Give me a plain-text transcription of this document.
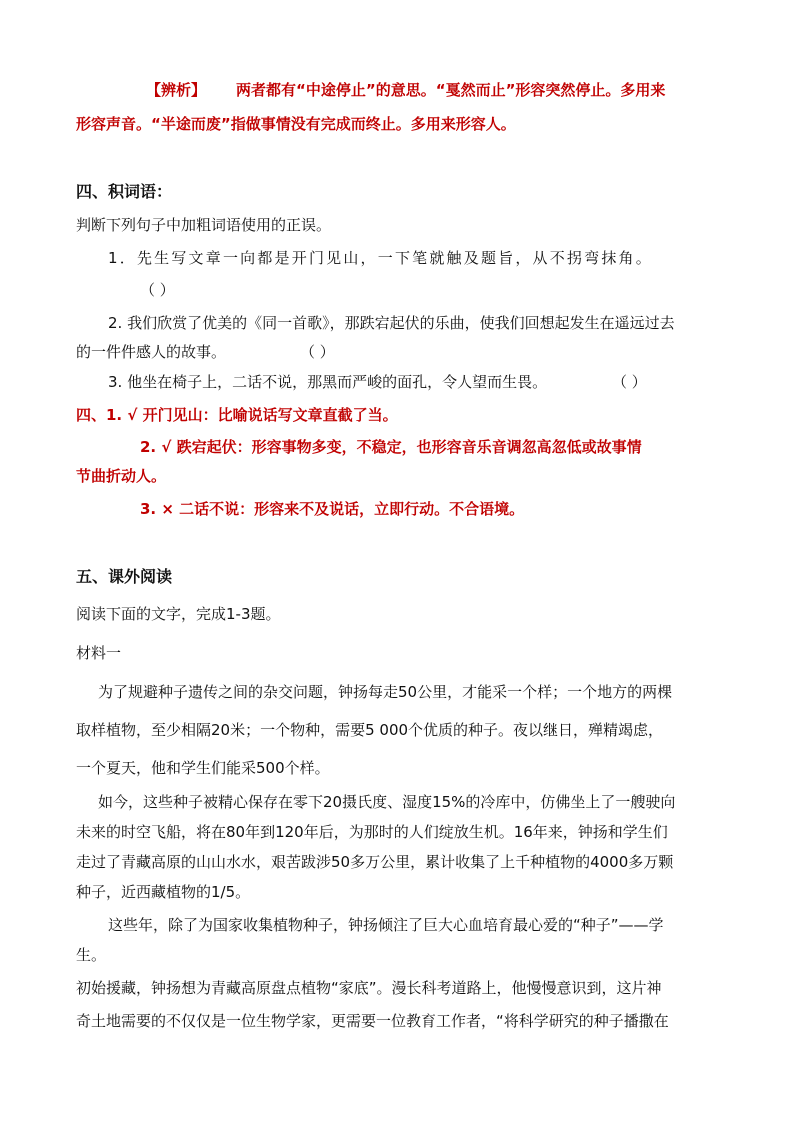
【辨析】 两者都有“中途停止”的意思。“戛然而止”形容突然停止。多用来
形容声音。“半途而废”指做事情没有完成而终止。多用来形容人。
四、积词语：
判断下列句子中加粗词语使用的正误。
1．先生写文章一向都是开门见山，一下笔就触及题旨，从不拐弯抹角。
（ ）
2. 我们欣赏了优美的《同一首歌》，那跌宕起伏的乐曲，使我们回想起发生在遥远过去
的一件件感人的故事。	（ ）
3. 他坐在椅子上，二话不说，那黑而严峻的面孔，令人望而生畏。	（ ）
四、1. √ 开门见山：比喻说话写文章直截了当。
2. √ 跌宕起伏：形容事物多变，不稳定，也形容音乐音调忽高忽低或故事情
节曲折动人。
3. × 二话不说：形容来不及说话，立即行动。不合语境。
五、课外阅读
阅读下面的文字，完成1-3题。
材料一
为了规避种子遗传之间的杂交问题，钟扬每走50公里，才能采一个样；一个地方的两棵
取样植物，至少相隔20米；一个物种，需要5 000个优质的种子。夜以继日，殚精竭虑，
一个夏天，他和学生们能采500个样。
如今，这些种子被精心保存在零下20摄氏度、湿度15%的冷库中，仿佛坐上了一艘驶向
未来的时空飞船，将在80年到120年后，为那时的人们绽放生机。16年来，钟扬和学生们
走过了青藏高原的山山水水，艰苦跋涉50多万公里，累计收集了上千种植物的4000多万颗
种子，近西藏植物的1/5。
这些年，除了为国家收集植物种子，钟扬倾注了巨大心血培育最心爱的“种子”——学
生。
初始援藏，钟扬想为青藏高原盘点植物“家底”。漫长科考道路上，他慢慢意识到，这片神
奇土地需要的不仅仅是一位生物学家，更需要一位教育工作者，“将科学研究的种子播撒在
